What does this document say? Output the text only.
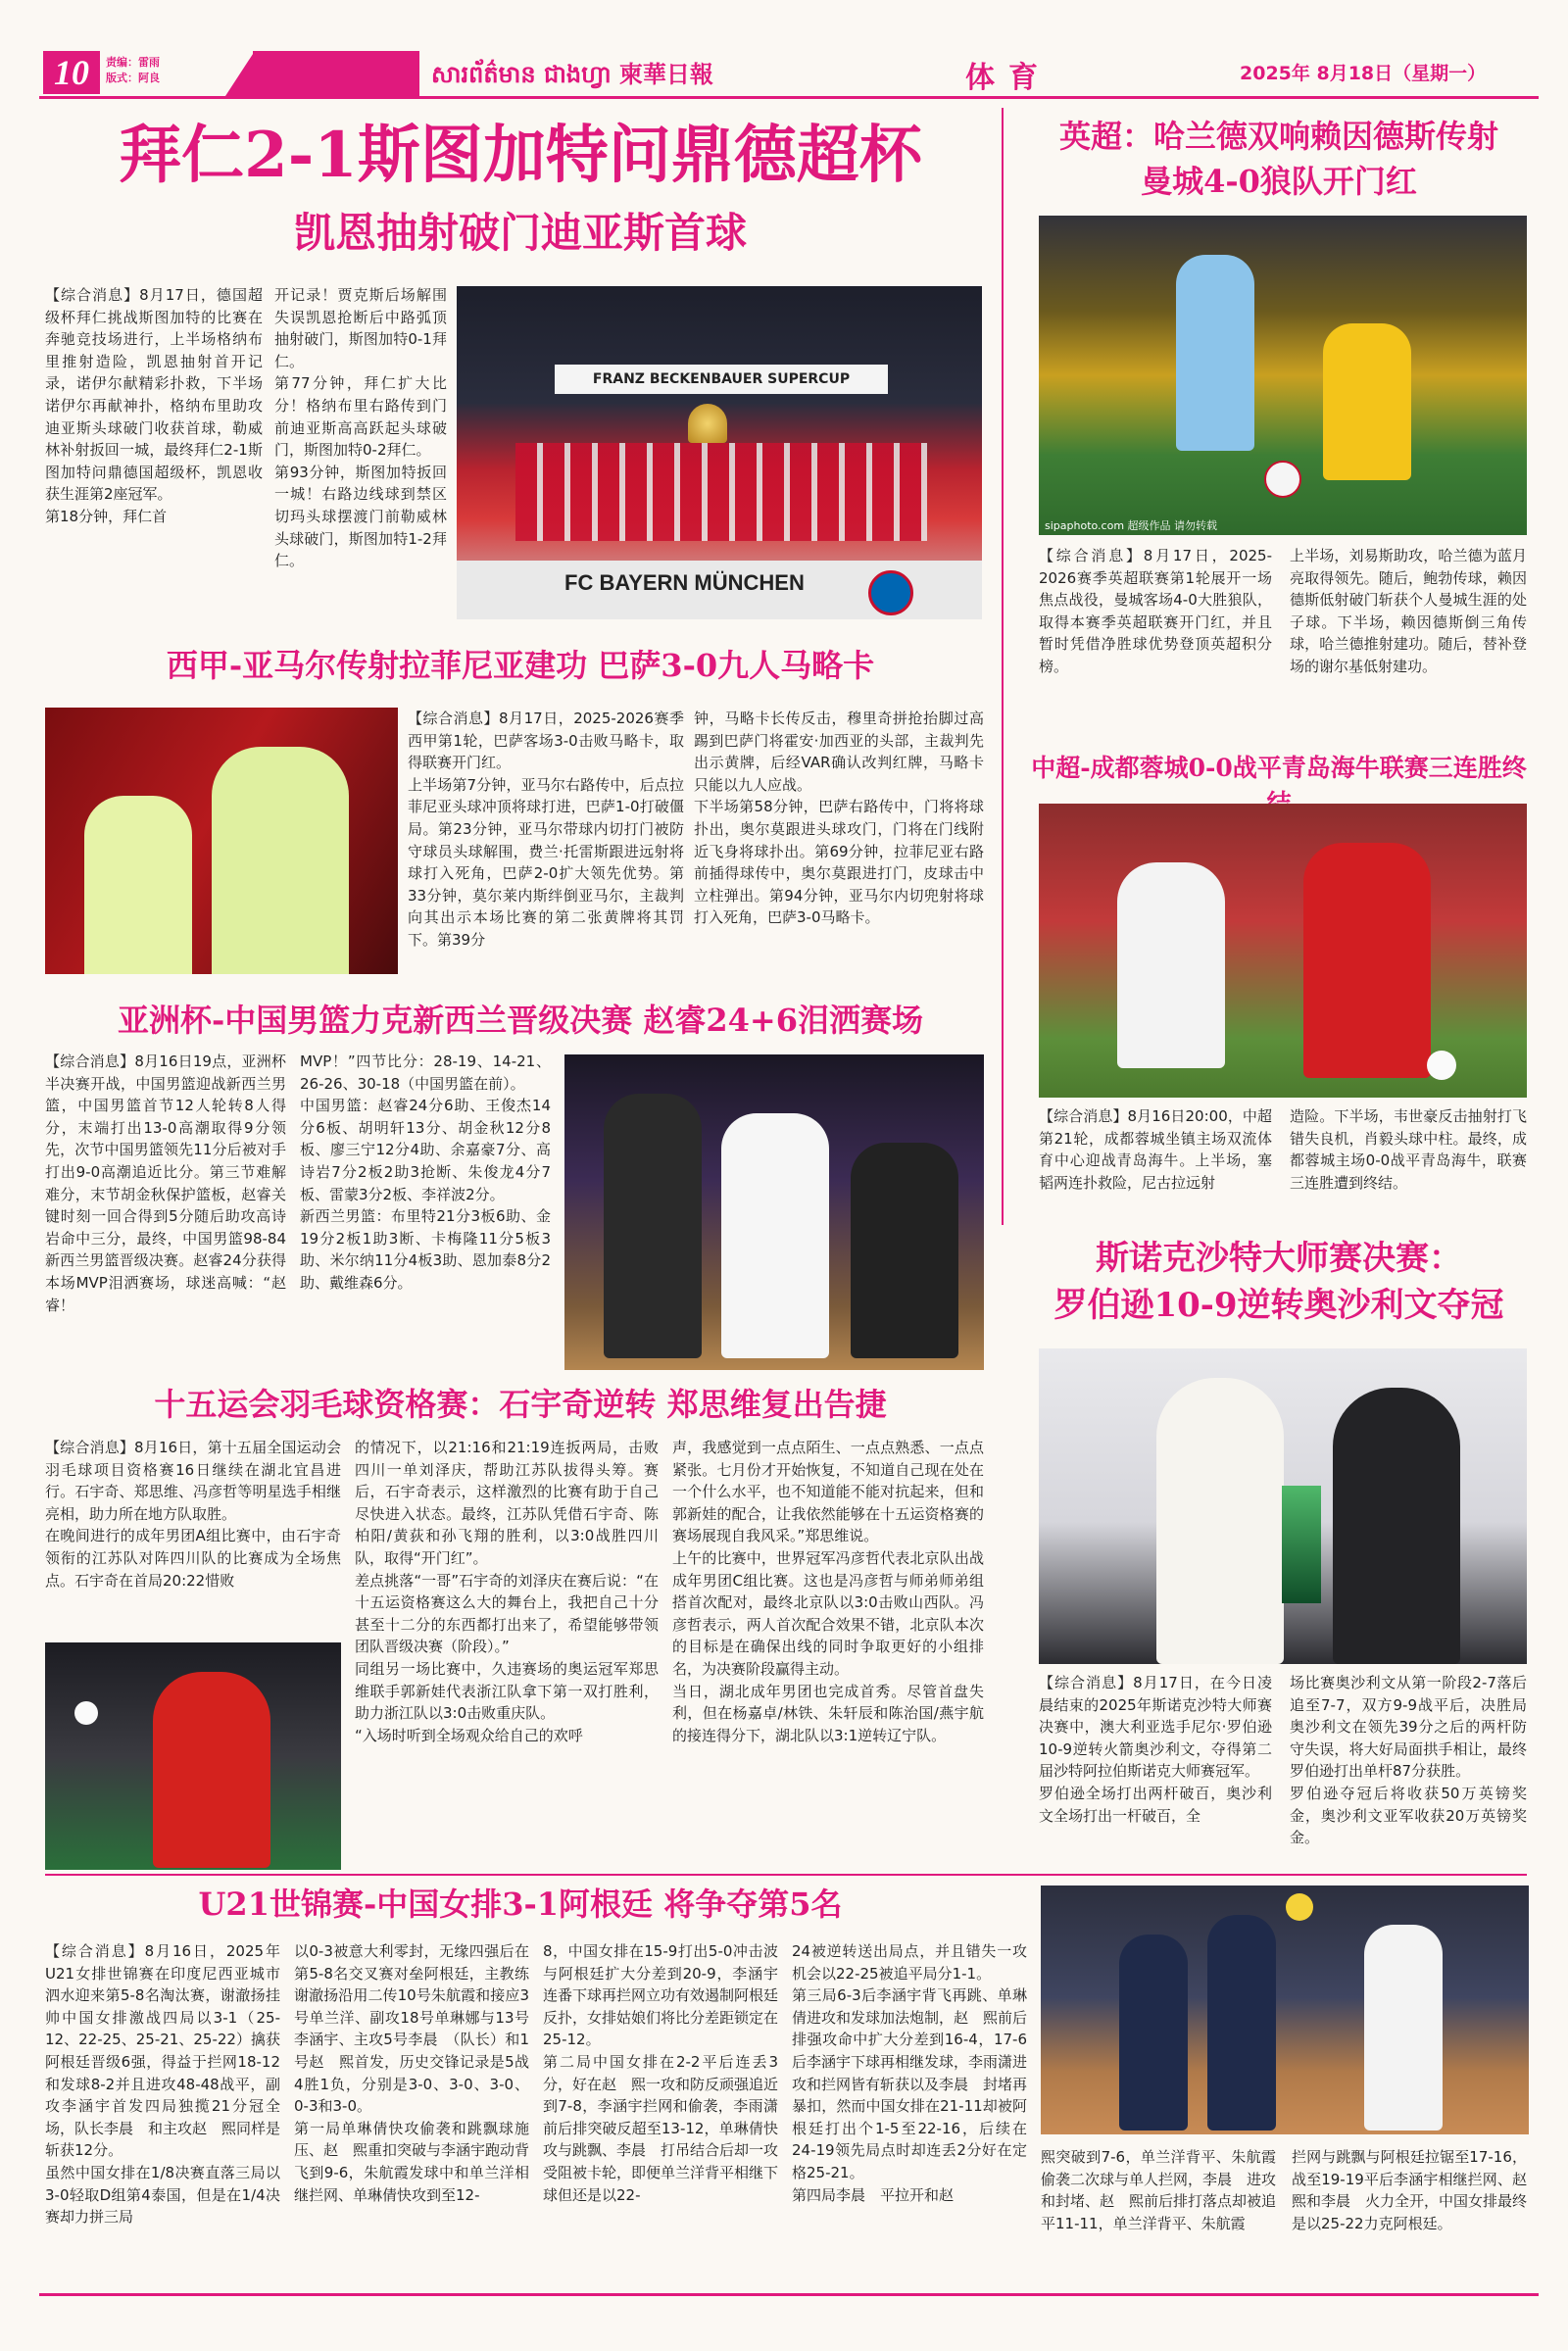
10	责编：雷雨
版式：阿良	សារព័ត៌មាន ជាងហ្វា 柬華日報	体育	2025年 8月18日（星期一）
拜仁2-1斯图加特问鼎德超杯
凯恩抽射破门迪亚斯首球
【综合消息】8月17日，德国超级杯拜仁挑战斯图加特的比赛在奔驰竞技场进行，上半场格纳布里推射造险，凯恩抽射首开记录，诺伊尔献精彩扑救，下半场诺伊尔再献神扑，格纳布里助攻迪亚斯头球破门收获首球，勒威林补射扳回一城，最终拜仁2-1斯图加特问鼎德国超级杯，凯恩收获生涯第2座冠军。
第18分钟，拜仁首
开记录！贾克斯后场解围失误凯恩抢断后中路弧顶抽射破门，斯图加特0-1拜仁。
第77分钟，拜仁扩大比分！格纳布里右路传到门前迪亚斯高高跃起头球破门，斯图加特0-2拜仁。
第93分钟，斯图加特扳回一城！右路边线球到禁区切玛头球摆渡门前勒威林头球破门，斯图加特1-2拜仁。
FRANZ BECKENBAUER SUPERCUP
FC BAYERN MÜNCHEN
英超：哈兰德双响赖因德斯传射
曼城4-0狼队开门红
sipaphoto.com 超级作品 请勿转载
【综合消息】8月17日，2025-2026赛季英超联赛第1轮展开一场焦点战役，曼城客场4-0大胜狼队，取得本赛季英超联赛开门红，并且暂时凭借净胜球优势登顶英超积分榜。
上半场，刘易斯助攻，哈兰德为蓝月亮取得领先。随后，鲍勃传球，赖因德斯低射破门斩获个人曼城生涯的处子球。下半场，赖因德斯倒三角传球，哈兰德推射建功。随后，替补登场的谢尔基低射建功。
西甲-亚马尔传射拉菲尼亚建功 巴萨3-0九人马略卡
【综合消息】8月17日，2025-2026赛季西甲第1轮，巴萨客场3-0击败马略卡，取得联赛开门红。
上半场第7分钟，亚马尔右路传中，后点拉菲尼亚头球冲顶将球打进，巴萨1-0打破僵局。第23分钟，亚马尔带球内切打门被防守球员头球解围，费兰·托雷斯跟进远射将球打入死角，巴萨2-0扩大领先优势。第33分钟，莫尔莱内斯绊倒亚马尔，主裁判向其出示本场比赛的第二张黄牌将其罚下。第39分
钟，马略卡长传反击，穆里奇拼抢抬脚过高踢到巴萨门将霍安·加西亚的头部，主裁判先出示黄牌，后经VAR确认改判红牌，马略卡只能以九人应战。
下半场第58分钟，巴萨右路传中，门将将球扑出，奥尔莫跟进头球攻门，门将在门线附近飞身将球扑出。第69分钟，拉菲尼亚右路前插得球传中，奥尔莫跟进打门，皮球击中立柱弹出。第94分钟，亚马尔内切兜射将球打入死角，巴萨3-0马略卡。
中超-成都蓉城0-0战平青岛海牛联赛三连胜终
【综合消息】8月16日20:00，中超第21轮，成都蓉城坐镇主场双流体育中心迎战青岛海牛。上半场，塞韬两连扑救险，尼古拉远射
造险。下半场，韦世豪反击抽射打飞错失良机，肖毅头球中柱。最终，成都蓉城主场0-0战平青岛海牛，联赛三连胜遭到终结。
亚洲杯-中国男篮力克新西兰晋级决赛 赵睿24+6泪洒赛场
【综合消息】8月16日19点，亚洲杯半决赛开战，中国男篮迎战新西兰男篮，中国男篮首节12人轮转8人得分，末端打出13-0高潮取得9分领先，次节中国男篮领先11分后被对手打出9-0高潮追近比分。第三节难解难分，末节胡金秋保护篮板，赵睿关键时刻一回合得到5分随后助攻高诗岩命中三分，最终，中国男篮98-84新西兰男篮晋级决赛。赵睿24分获得本场MVP泪洒赛场，球迷高喊：“赵睿！
MVP！”四节比分：28-19、14-21、26-26、30-18（中国男篮在前）。
中国男篮：赵睿24分6助、王俊杰14分6板、胡明轩13分、胡金秋12分8板、廖三宁12分4助、余嘉豪7分、高诗岩7分2板2助3抢断、朱俊龙4分7板、雷蒙3分2板、李祥波2分。
新西兰男篮：布里特21分3板6助、金19分2板1助3断、卡梅隆11分5板3助、米尔纳11分4板3助、恩加泰8分2助、戴维森6分。
斯诺克沙特大师赛决赛：
罗伯逊10-9逆转奥沙利文夺冠
【综合消息】8月17日，在今日凌晨结束的2025年斯诺克沙特大师赛决赛中，澳大利亚选手尼尔·罗伯逊10-9逆转火箭奥沙利文，夺得第二届沙特阿拉伯斯诺克大师赛冠军。
罗伯逊全场打出两杆破百，奥沙利文全场打出一杆破百，全
场比赛奥沙利文从第一阶段2-7落后追至7-7，双方9-9战平后，决胜局奥沙利文在领先39分之后的两杆防守失误，将大好局面拱手相让，最终罗伯逊打出单杆87分获胜。
罗伯逊夺冠后将收获50万英镑奖金，奥沙利文亚军收获20万英镑奖金。
十五运会羽毛球资格赛：石宇奇逆转 郑思维复出告捷
【综合消息】8月16日，第十五届全国运动会羽毛球项目资格赛16日继续在湖北宜昌进行。石宇奇、郑思维、冯彦哲等明星选手相继亮相，助力所在地方队取胜。
在晚间进行的成年男团A组比赛中，由石宇奇领衔的江苏队对阵四川队的比赛成为全场焦点。石宇奇在首局20:22惜败
的情况下，以21:16和21:19连扳两局，击败四川一单刘泽庆，帮助江苏队拔得头筹。赛后，石宇奇表示，这样激烈的比赛有助于自己尽快进入状态。最终，江苏队凭借石宇奇、陈柏阳/黄荻和孙飞翔的胜利，以3:0战胜四川队，取得“开门红”。
差点挑落“一哥”石宇奇的刘泽庆在赛后说：“在十五运资格赛这么大的舞台上，我把自己十分甚至十二分的东西都打出来了，希望能够带领团队晋级决赛（阶段）。”
同组另一场比赛中，久违赛场的奥运冠军郑思维联手郭新娃代表浙江队拿下第一双打胜利，助力浙江队以3:0击败重庆队。
“入场时听到全场观众给自己的欢呼
声，我感觉到一点点陌生、一点点熟悉、一点点紧张。七月份才开始恢复，不知道自己现在处在一个什么水平，也不知道能不能对抗起来，但和郭新娃的配合，让我依然能够在十五运资格赛的赛场展现自我风采。”郑思维说。
上午的比赛中，世界冠军冯彦哲代表北京队出战成年男团C组比赛。这也是冯彦哲与师弟师弟组搭首次配对，最终北京队以3:0击败山西队。冯彦哲表示，两人首次配合效果不错，北京队本次的目标是在确保出线的同时争取更好的小组排名，为决赛阶段赢得主动。
当日，湖北成年男团也完成首秀。尽管首盘失利，但在杨嘉卓/林铁、朱轩辰和陈治国/燕宇航的接连得分下，湖北队以3:1逆转辽宁队。
U21世锦赛-中国女排3-1阿根廷 将争夺第5名
【综合消息】8月16日，2025年U21女排世锦赛在印度尼西亚城市泗水迎来第5-8名淘汰赛，谢澈扬挂帅中国女排激战四局以3-1（25-12、22-25、25-21、25-22）擒获阿根廷晋级6强，得益于拦网18-12和发球8-2并且进攻48-48战平，副攻李涵宇首发四局独揽21分冠全场，队长李晨　和主攻赵　熙同样是斩获12分。
虽然中国女排在1/8决赛直落三局以3-0轻取D组第4泰国，但是在1/4决赛却力拼三局
以0-3被意大利零封，无缘四强后在第5-8名交叉赛对垒阿根廷，主教练谢澈扬沿用二传10号朱航霞和接应3号单兰洋、副攻18号单琳娜与13号李涵宇、主攻5号李晨　（队长）和1号赵　熙首发，历史交锋记录是5战4胜1负，分别是3-0、3-0、3-0、0-3和3-0。
第一局单琳倩快攻偷袭和跳飘球施压、赵　熙重扣突破与李涵宇跑动背飞到9-6，朱航霞发球中和单兰洋相继拦网、单琳倩快攻到至12-
8，中国女排在15-9打出5-0冲击波与阿根廷扩大分差到20-9，李涵宇连番下球再拦网立功有效遏制阿根廷反扑，女排姑娘们将比分差距锁定在25-12。
第二局中国女排在2-2平后连丢3分，好在赵　熙一攻和防反顽强追近到7-8，李涵宇拦网和偷袭，李雨潇前后排突破反超至13-12，单琳倩快攻与跳飘、李晨　打吊结合后却一攻受阻被卡轮，即便单兰洋背平相继下球但还是以22-
24被逆转送出局点，并且错失一攻机会以22-25被追平局分1-1。
第三局6-3后李涵宇背飞再跳、单琳倩进攻和发球加法炮制，赵　熙前后排强攻命中扩大分差到16-4，17-6后李涵宇下球再相继发球，李雨潇进攻和拦网皆有斩获以及李晨　封堵再暴扣，然而中国女排在21-11却被阿根廷打出个1-5至22-16，后续在24-19领先局点时却连丢2分好在定格25-21。
第四局李晨　平拉开和赵
熙突破到7-6，单兰洋背平、朱航霞偷袭二次球与单人拦网，李晨　进攻和封堵、赵　熙前后排打落点却被追平11-11，单兰洋背平、朱航霞
拦网与跳飘与阿根廷拉锯至17-16，战至19-19平后李涵宇相继拦网、赵　熙和李晨　火力全开，中国女排最终是以25-22力克阿根廷。
